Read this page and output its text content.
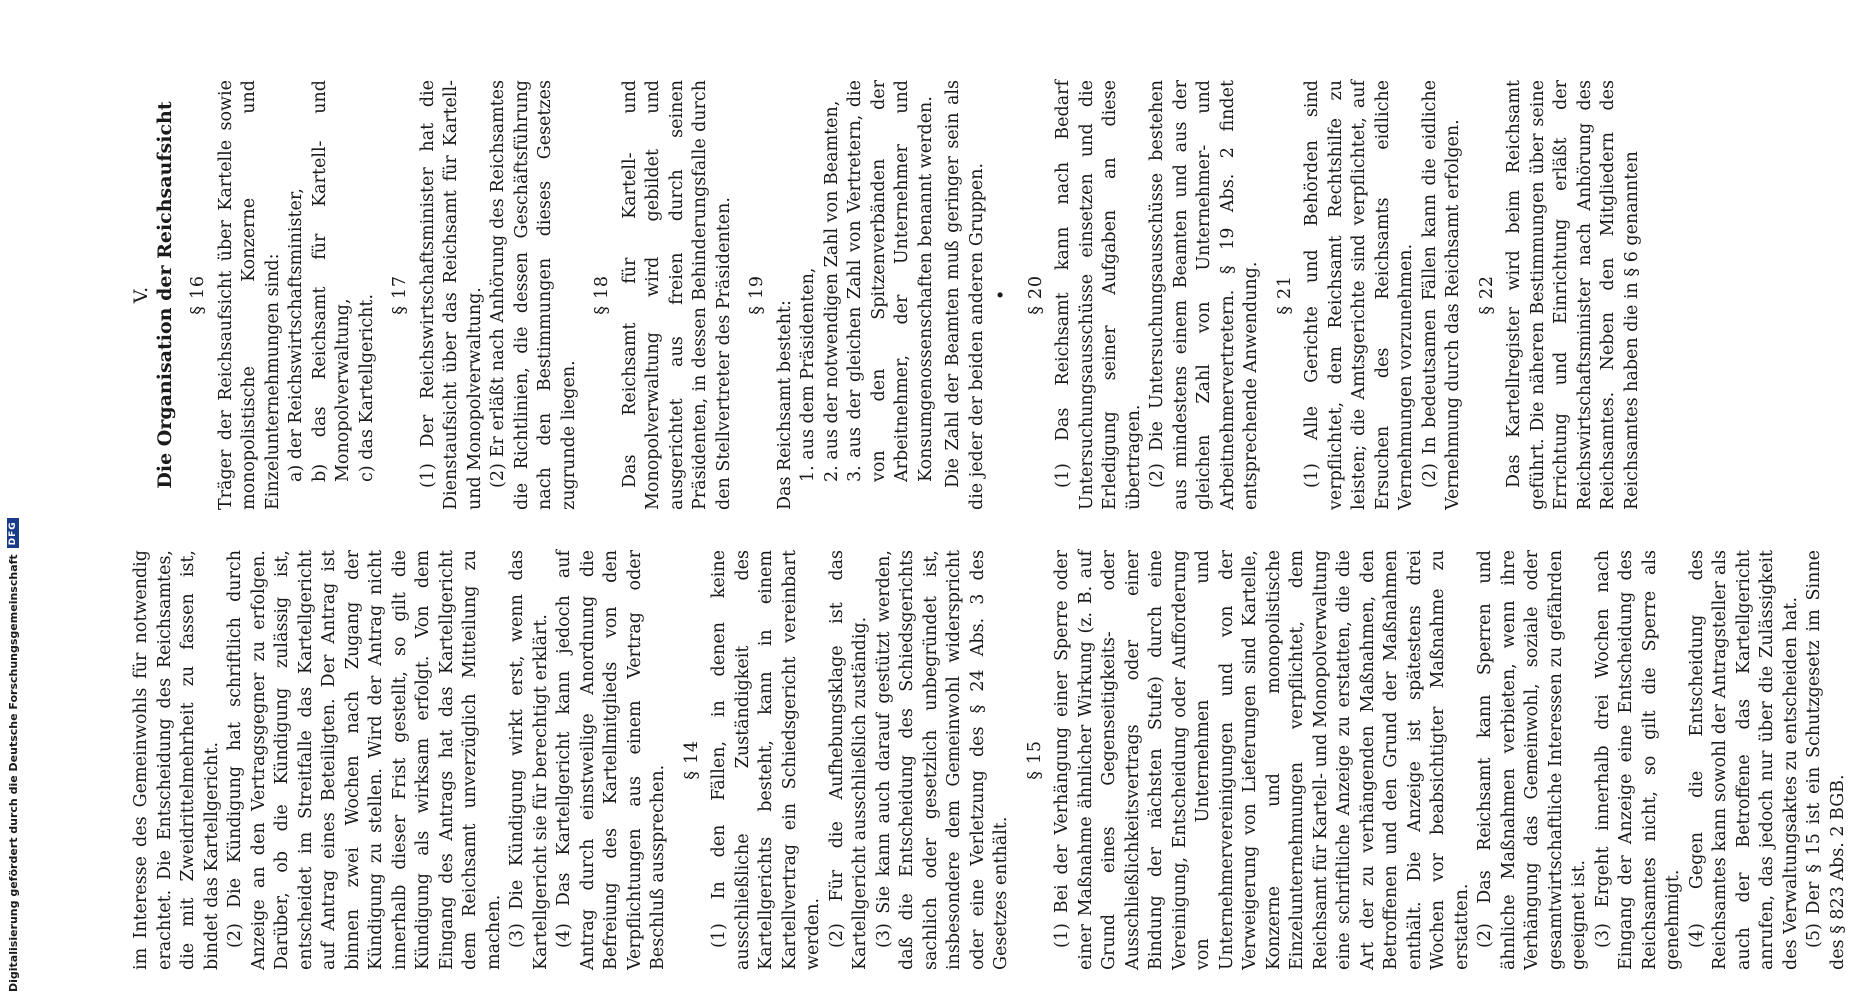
im Interesse des Gemeinwohls für notwendig erachtet. Die Entscheidung des Reichsamtes, die mit Zweidrittelmehrheit zu fassen ist, bindet das Kartellgericht. (2) Die Kündigung hat schriftlich durch Anzeige an den Vertragsgegner zu erfolgen. Darüber, ob die Kündigung zulässig ist, entscheidet im Streitfalle das Kartellgericht auf Antrag eines Beteiligten. Der Antrag ist binnen zwei Wochen nach Zugang der Kündigung zu stellen. Wird der Antrag nicht innerhalb dieser Frist gestellt, so gilt die Kündigung als wirksam erfolgt. Von dem Eingang des Antrags hat das Kartellgericht dem Reichsamt unverzüglich Mitteilung zu machen. (3) Die Kündigung wirkt erst, wenn das Kartellgericht sie für berechtigt erklärt. (4) Das Kartellgericht kann jedoch auf Antrag durch einstweilige Anordnung die Befreiung des Kartellmitglieds von den Verpflichtungen aus einem Vertrag oder Beschluß aussprechen.
§ 14 (1) In den Fällen, in denen keine ausschließliche Zuständigkeit des Kartellgerichts besteht, kann in einem Kartellvertrag ein Schiedsgericht vereinbart werden. (2) Für die Aufhebungsklage ist das Kartellgericht ausschließlich zuständig. (3) Sie kann auch darauf gestützt werden, daß die Entscheidung des Schiedsgerichts sachlich oder gesetzlich unbegründet ist, insbesondere dem Gemeinwohl widerspricht oder eine Verletzung des § 24 Abs. 3 des Gesetzes enthält.
§ 15 (1) Bei der Verhängung einer Sperre oder einer Maßnahme ähnlicher Wirkung (z. B. auf Grund eines Gegenseitigkeits- oder Ausschließlichkeitsvertrags oder einer Bindung der nächsten Stufe) durch eine Vereinigung, Entscheidung oder Aufforderung von Unternehmen und Unternehmervereinigungen und von der Verweigerung von Lieferungen sind Kartelle, Konzerne und monopolistische Einzelunternehmungen verpflichtet, dem Reichsamt für Kartell- und Monopolverwaltung eine schriftliche Anzeige zu erstatten, die die Art der zu verhängenden Maßnahmen, den Betroffenen und den Grund der Maßnahmen enthält. Die Anzeige ist spätestens drei Wochen vor beabsichtigter Maßnahme zu erstatten. (2) Das Reichsamt kann Sperren und ähnliche Maßnahmen verbieten, wenn ihre Verhängung das Gemeinwohl, soziale oder gesamtwirtschaftliche Interessen zu gefährden geeignet ist. (3) Ergeht innerhalb drei Wochen nach Eingang der Anzeige eine Entscheidung des Reichsamtes nicht, so gilt die Sperre als genehmigt. (4) Gegen die Entscheidung des Reichsamtes kann sowohl der Antragsteller als auch der Betroffene das Kartellgericht anrufen, das jedoch nur über die Zulässigkeit des Verwaltungsaktes zu entscheiden hat. (5) Der § 15 ist ein Schutzgesetz im Sinne des § 823 Abs. 2 BGB.
V. Die Organisation der Reichsaufsicht § 16 Träger der Reichsaufsicht über Kartelle sowie monopolistische Konzerne und Einzelunternehmungen sind: a) der Reichswirtschaftsminister, b) das Reichsamt für Kartell- und Monopolverwaltung, c) das Kartellgericht. § 17 (1) Der Reichswirtschaftsminister hat die Dienstaufsicht über das Reichsamt für Kartell- und Monopolverwaltung. (2) Er erläßt nach Anhörung des Reichsamtes die Richtlinien, die dessen Geschäftsführung nach den Bestimmungen dieses Gesetzes zugrunde liegen.
§ 18 Das Reichsamt für Kartell- und Monopolverwaltung wird gebildet und ausgerichtet aus freien durch seinen Präsidenten, in dessen Behinderungsfalle durch den Stellvertreter des Präsidenten. § 19
Das Reichsamt besteht: 1. aus dem Präsidenten, 2. aus der notwendigen Zahl von Beamten, 3. aus der gleichen Zahl von Vertretern, die von den Spitzenverbänden der Arbeitnehmer, der Unternehmer und Konsumgenossenschaften benannt werden. Die Zahl der Beamten muß geringer sein als die jeder der beiden anderen Gruppen. • § 20 (1) Das Reichsamt kann nach Bedarf Untersuchungsausschüsse einsetzen und die Erledigung seiner Aufgaben an diese übertragen. (2) Die Untersuchungsausschüsse bestehen aus mindestens einem Beamten und aus der gleichen Zahl von Unternehmer- und Arbeitnehmervertretern. § 19 Abs. 2 findet entsprechende Anwendung. § 21 (1) Alle Gerichte und Behörden sind verpflichtet, dem Reichsamt Rechtshilfe zu leisten; die Amtsgerichte sind verpflichtet, auf Ersuchen des Reichsamts eidliche Vernehmungen vorzunehmen. (2) In bedeutsamen Fällen kann die eidliche Vernehmung durch das Reichsamt erfolgen. § 22 Das Kartellregister wird beim Reichsamt geführt. Die näheren Bestimmungen über seine Errichtung und Einrichtung erläßt der Reichswirtschaftsminister nach Anhörung des Reichsamtes. Neben den Mitgliedern des Reichsamtes haben die in § 6 genannten
Digitalisierung gefördert durch die Deutsche Forschungsgemeinschaft
DFG
